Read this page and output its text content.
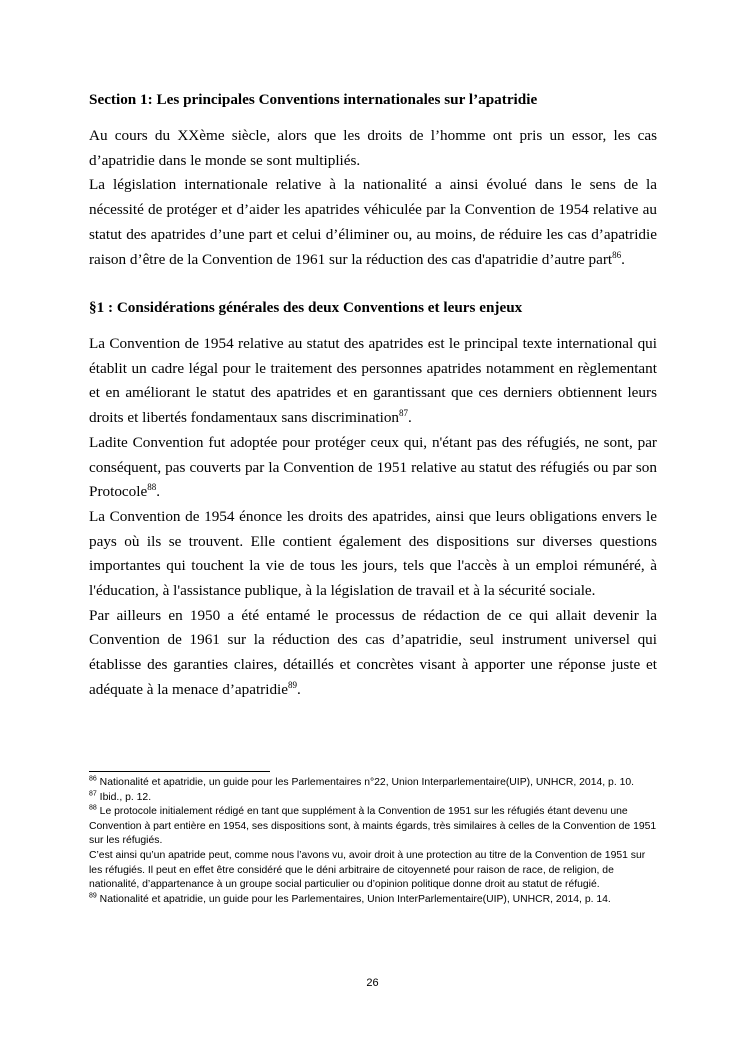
Section 1: Les principales Conventions internationales sur l’apatridie

Au cours du XXème siècle, alors que les droits de l’homme ont pris un essor, les cas d’apatridie dans le monde se sont multipliés.

La législation internationale relative à la nationalité a ainsi évolué dans le sens de la nécessité de protéger et d’aider les apatrides véhiculée par la Convention de 1954 relative au statut des apatrides d’une part et celui d’éliminer ou, au moins, de réduire les cas d’apatridie raison d’être de la Convention de 1961 sur la réduction des cas d'apatridie d’autre part$^{86}$.

§1 : Considérations générales des deux Conventions et leurs enjeux

La Convention de 1954 relative au statut des apatrides est le principal texte international qui établit un cadre légal pour le traitement des personnes apatrides notamment en règlementant et en améliorant le statut des apatrides et en garantissant que ces derniers obtiennent leurs droits et libertés fondamentaux sans discrimination$^{87}$.

Ladite Convention fut adoptée pour protéger ceux qui, n'étant pas des réfugiés, ne sont, par conséquent, pas couverts par la Convention de 1951 relative au statut des réfugiés ou par son Protocole$^{88}$.

La Convention de 1954 énonce les droits des apatrides, ainsi que leurs obligations envers le pays où ils se trouvent. Elle contient également des dispositions sur diverses questions importantes qui touchent la vie de tous les jours, tels que l'accès à un emploi rémunéré, à l'éducation, à l'assistance publique, à la législation de travail et à la sécurité sociale.

Par ailleurs en 1950 a été entamé le processus de rédaction de ce qui allait devenir la Convention de 1961 sur la réduction des cas d’apatridie, seul instrument universel qui établisse des garanties claires, détaillés et concrètes visant à apporter une réponse juste et adéquate à la menace d’apatridie$^{89}$.

$^{86}$ Nationalité et apatridie, un guide pour les Parlementaires n°22, Union Interparlementaire(UIP), UNHCR, 2014, p. 10.

$^{87}$ Ibid., p. 12.

$^{88}$ Le protocole initialement rédigé en tant que supplément à la Convention de 1951 sur les réfugiés étant devenu une Convention à part entière en 1954, ses dispositions sont, à maints égards, très similaires à celles de la Convention de 1951 sur les réfugiés.

C’est ainsi qu’un apatride peut, comme nous l’avons vu, avoir droit à une protection au titre de la Convention de 1951 sur les réfugiés. Il peut en effet être considéré que le déni arbitraire de citoyenneté pour raison de race, de religion, de nationalité, d’appartenance à un groupe social particulier ou d’opinion politique donne droit au statut de réfugié.

$^{89}$ Nationalité et apatridie, un guide pour les Parlementaires, Union InterParlementaire(UIP), UNHCR, 2014, p. 14.

26
